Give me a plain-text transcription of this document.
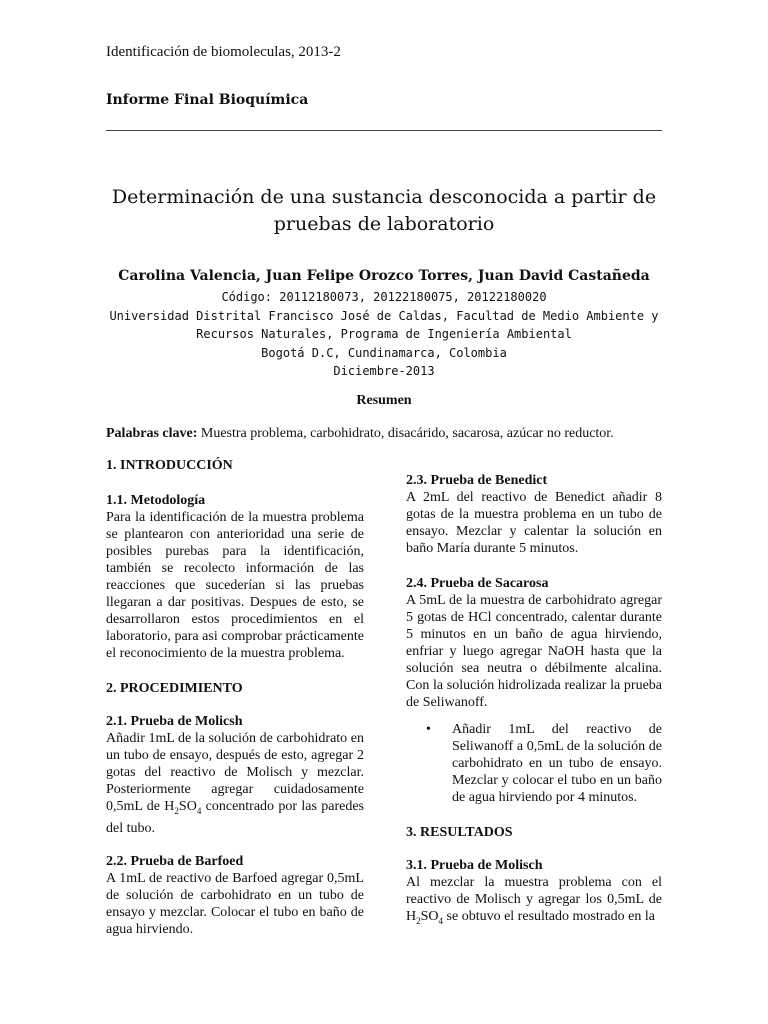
Identificación de biomoleculas, 2013-2
Informe Final Bioquímica
Determinación de una sustancia desconocida a partir de
pruebas de laboratorio
Carolina Valencia, Juan Felipe Orozco Torres, Juan David Castañeda
Código: 20112180073, 20122180075, 20122180020
Universidad Distrital Francisco José de Caldas, Facultad de Medio Ambiente y
Recursos Naturales, Programa de Ingeniería Ambiental
Bogotá D.C, Cundinamarca, Colombia
Diciembre-2013
Resumen
Palabras clave: Muestra problema, carbohidrato, disacárido, sacarosa, azúcar no reductor.
1. INTRODUCCIÓN
1.1. Metodología

Para la identificación de la muestra problema se plantearon con anterioridad una serie de posibles purebas para la identificación, también se recolecto información de las reacciones que sucederían si las pruebas llegaran a dar positivas. Despues de esto, se desarrollaron estos procedimientos en el laboratorio, para asi comprobar prácticamente el reconocimiento de la muestra problema.

2. PROCEDIMIENTO
2.1. Prueba de Molicsh

Añadir 1mL de la solución de carbohidrato en un tubo de ensayo, después de esto, agregar 2 gotas del reactivo de Molisch y mezclar. Posteriormente agregar cuidadosamente 0,5mL de $H_2SO_4$ concentrado por las paredes del tubo.

2.2. Prueba de Barfoed

A 1mL de reactivo de Barfoed agregar 0,5mL de solución de carbohidrato en un tubo de ensayo y mezclar. Colocar el tubo en baño de agua hirviendo.

2.3. Prueba de Benedict

A 2mL del reactivo de Benedict añadir 8 gotas de la muestra problema en un tubo de ensayo. Mezclar y calentar la solución en baño María durante 5 minutos.

2.4. Prueba de Sacarosa

A 5mL de la muestra de carbohidrato agregar 5 gotas de HCl concentrado, calentar durante 5 minutos en un baño de agua hirviendo, enfriar y luego agregar NaOH hasta que la solución sea neutra o débilmente alcalina. Con la solución hidrolizada realizar la prueba de Seliwanoff.

•	Añadir 1mL del reactivo de Seliwanoff a 0,5mL de la solución de carbohidrato en un tubo de ensayo. Mezclar y colocar el tubo en un baño de agua hirviendo por 4 minutos.

3. RESULTADOS
3.1. Prueba de Molisch

Al mezclar la muestra problema con el reactivo de Molisch y agregar los 0,5mL de $H_2SO_4$ se obtuvo el resultado mostrado en la
